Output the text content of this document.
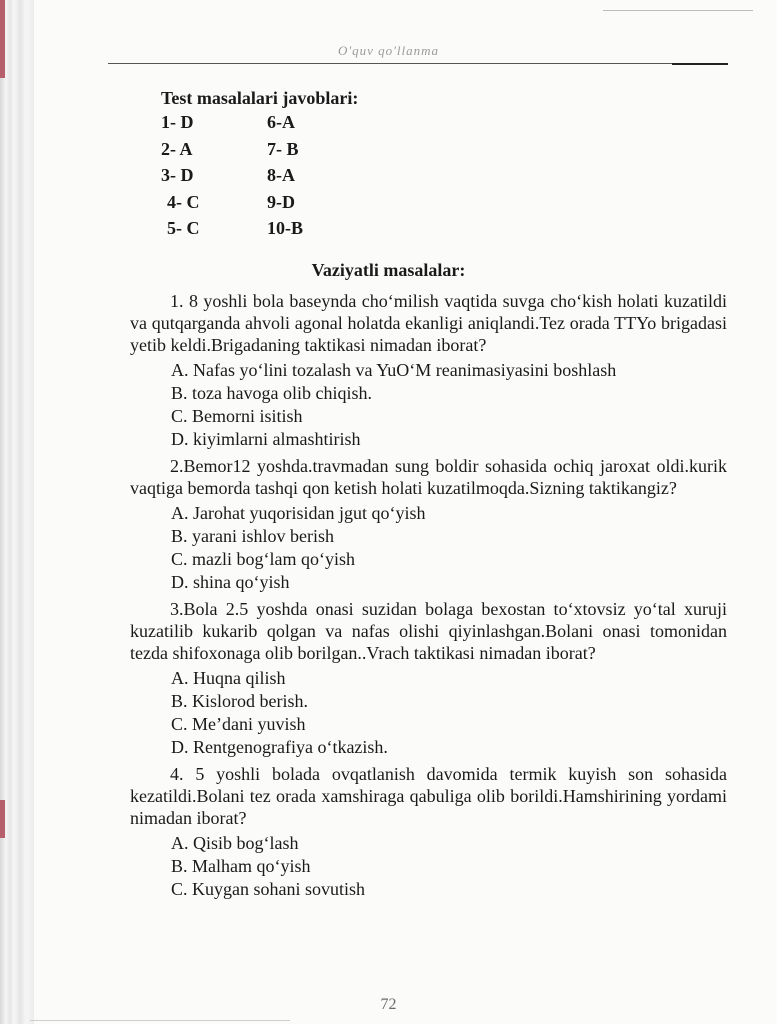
O'quv qo'llanma
Test masalalari javoblari:
1- D	6-A
2- A	7- B
3- D	8-A
4- C	9-D
5- C	10-B
Vaziyatli masalalar:

1. 8 yoshli bola baseynda cho‘milish vaqtida suvga cho‘kish holati kuzatildi va qutqarganda ahvoli agonal holatda ekanligi aniqlandi.Tez orada TTYo brigadasi yetib keldi.Brigadaning taktikasi nimadan iborat?

A. Nafas yo‘lini tozalash va YuO‘M reanimasiyasini boshlash
B. toza havoga olib chiqish.
C. Bemorni isitish
D. kiyimlarni almashtirish

2.Bemor12 yoshda.travmadan sung boldir sohasida ochiq jaroxat oldi.kurik vaqtiga bemorda tashqi qon ketish holati kuzatilmoqda.Sizning taktikangiz?

A. Jarohat yuqorisidan jgut qo‘yish
B. yarani ishlov berish
C. mazli bog‘lam qo‘yish
D. shina qo‘yish

3.Bola 2.5 yoshda onasi suzidan bolaga bexostan to‘xtovsiz yo‘tal xuruji kuzatilib kukarib qolgan va nafas olishi qiyinlashgan.Bolani onasi tomonidan tezda shifoxonaga olib borilgan..Vrach taktikasi nimadan iborat?

A. Huqna qilish
B. Kislorod berish.
C. Me’dani yuvish
D. Rentgenografiya o‘tkazish.

4. 5 yoshli bolada ovqatlanish davomida termik kuyish son sohasida kezatildi.Bolani tez orada xamshiraga qabuliga olib borildi.Hamshirining yordami nimadan iborat?

A. Qisib bog‘lash
B. Malham qo‘yish
C. Kuygan sohani sovutish
72
